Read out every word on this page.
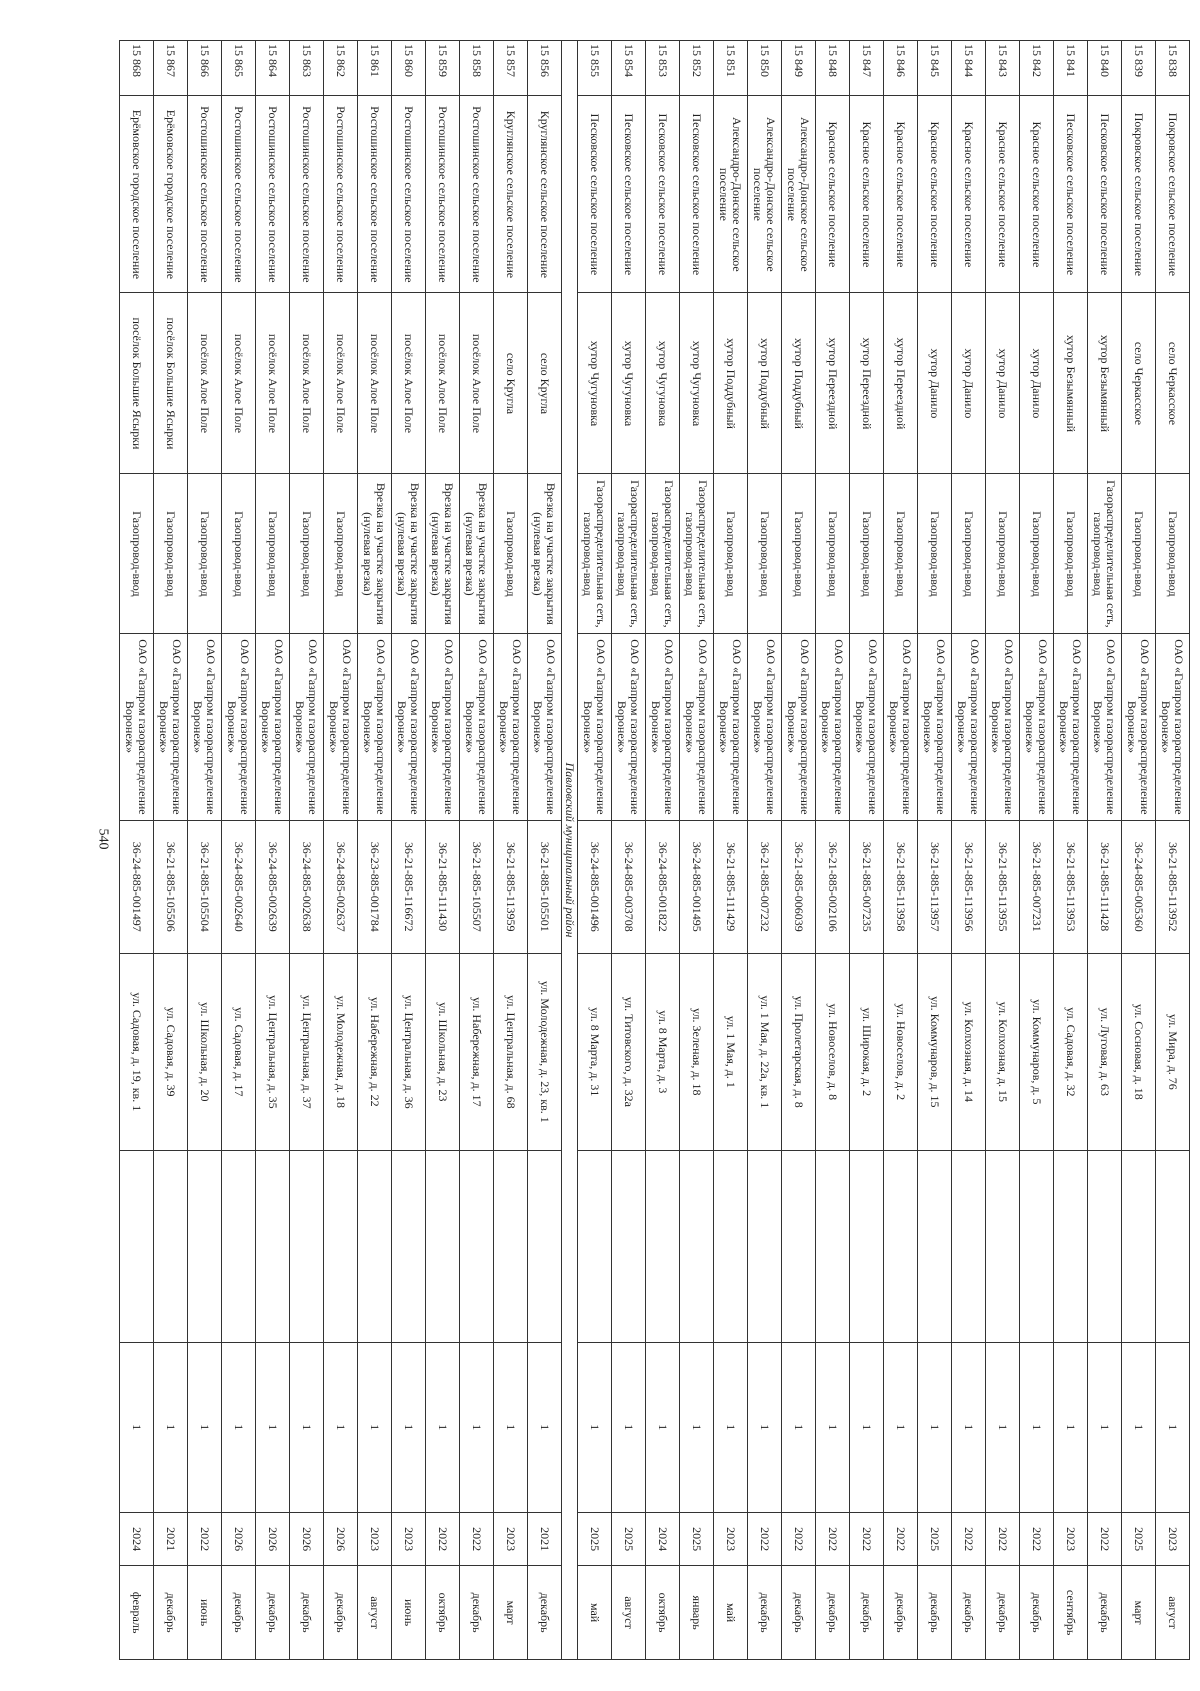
540
15 838	Покровское сельское поселение	село Черкасское	Газопровод-ввод	ОАО «Газпром газораспределение Воронеж»	36-21-885-113952	ул. Мира, д. 76		1	2023	август
15 839	Покровское сельское поселение	село Черкасское	Газопровод-ввод	ОАО «Газпром газораспределение Воронеж»	36-24-885-005360	ул. Сосновая, д. 18		1	2025	март
15 840	Песковское сельское поселение	хутор Безымянный	Газораспределительная сеть, газопровод-ввод	ОАО «Газпром газораспределение Воронеж»	36-21-885-111428	ул. Луговая, д. 63		1	2022	декабрь
15 841	Песковское сельское поселение	хутор Безымянный	Газопровод-ввод	ОАО «Газпром газораспределение Воронеж»	36-21-885-113953	ул. Садовая, д. 32		1	2023	сентябрь
15 842	Красное сельское поселение	хутор Данило	Газопровод-ввод	ОАО «Газпром газораспределение Воронеж»	36-21-885-007231	ул. Коммунаров, д. 5		1	2022	декабрь
15 843	Красное сельское поселение	хутор Данило	Газопровод-ввод	ОАО «Газпром газораспределение Воронеж»	36-21-885-113955	ул. Колхозная, д. 15		1	2022	декабрь
15 844	Красное сельское поселение	хутор Данило	Газопровод-ввод	ОАО «Газпром газораспределение Воронеж»	36-21-885-113956	ул. Колхозная, д. 14		1	2022	декабрь
15 845	Красное сельское поселение	хутор Данило	Газопровод-ввод	ОАО «Газпром газораспределение Воронеж»	36-21-885-113957	ул. Коммунаров, д. 15		1	2025	декабрь
15 846	Красное сельское поселение	хутор Переездной	Газопровод-ввод	ОАО «Газпром газораспределение Воронеж»	36-21-885-113958	ул. Новоселов, д. 2		1	2022	декабрь
15 847	Красное сельское поселение	хутор Переездной	Газопровод-ввод	ОАО «Газпром газораспределение Воронеж»	36-21-885-007235	ул. Широкая, д. 2		1	2022	декабрь
15 848	Красное сельское поселение	хутор Переездной	Газопровод-ввод	ОАО «Газпром газораспределение Воронеж»	36-21-885-002106	ул. Новоселов, д. 8		1	2022	декабрь
15 849	Александро-Донское сельское поселение	хутор Поддубный	Газопровод-ввод	ОАО «Газпром газораспределение Воронеж»	36-21-885-006039	ул. Пролетарская, д. 8		1	2022	декабрь
15 850	Александро-Донское сельское поселение	хутор Поддубный	Газопровод-ввод	ОАО «Газпром газораспределение Воронеж»	36-21-885-007232	ул. 1 Мая, д. 22а, кв. 1		1	2022	декабрь
15 851	Александро-Донское сельское поселение	хутор Поддубный	Газопровод-ввод	ОАО «Газпром газораспределение Воронеж»	36-21-885-111429	ул. 1 Мая, д. 1		1	2023	май
15 852	Песковское сельское поселение	хутор Чугуновка	Газораспределительная сеть, газопровод-ввод	ОАО «Газпром газораспределение Воронеж»	36-24-885-001495	ул. Зеленая, д. 18		1	2025	январь
15 853	Песковское сельское поселение	хутор Чугуновка	Газораспределительная сеть, газопровод-ввод	ОАО «Газпром газораспределение Воронеж»	36-24-885-001822	ул. 8 Марта, д. 3		1	2024	октябрь
15 854	Песковское сельское поселение	хутор Чугуновка	Газораспределительная сеть, газопровод-ввод	ОАО «Газпром газораспределение Воронеж»	36-24-885-003708	ул. Титовского, д. 32а		1	2025	август
15 855	Песковское сельское поселение	хутор Чугуновка	Газораспределительная сеть, газопровод-ввод	ОАО «Газпром газораспределение Воронеж»	36-24-885-001496	ул. 8 Марта, д. 31		1	2025	май
Павловский муниципальный район										
15 856	Круглянское сельское поселение	село Кругла	Врезка на участке закрытия (нулевая врезка)	ОАО «Газпром газораспределение Воронеж»	36-21-885-105501	ул. Молодежная, д. 23, кв. 1		1	2021	декабрь
15 857	Круглянское сельское поселение	село Кругла	Газопровод-ввод	ОАО «Газпром газораспределение Воронеж»	36-21-885-113959	ул. Центральная, д. 68		1	2023	март
15 858	Ростошинское сельское поселение	посёлок Алое Поле	Врезка на участке закрытия (нулевая врезка)	ОАО «Газпром газораспределение Воронеж»	36-21-885-105507	ул. Набережная, д. 17		1	2022	декабрь
15 859	Ростошинское сельское поселение	посёлок Алое Поле	Врезка на участке закрытия (нулевая врезка)	ОАО «Газпром газораспределение Воронеж»	36-21-885-111430	ул. Школьная, д. 23		1	2022	октябрь
15 860	Ростошинское сельское поселение	посёлок Алое Поле	Врезка на участке закрытия (нулевая врезка)	ОАО «Газпром газораспределение Воронеж»	36-21-885-116672	ул. Центральная, д. 36		1	2023	июнь
15 861	Ростошинское сельское поселение	посёлок Алое Поле	Врезка на участке закрытия (нулевая врезка)	ОАО «Газпром газораспределение Воронеж»	36-23-885-001784	ул. Набережная, д. 22		1	2023	август
15 862	Ростошинское сельское поселение	посёлок Алое Поле	Газопровод-ввод	ОАО «Газпром газораспределение Воронеж»	36-24-885-002637	ул. Молодежная, д. 18		1	2026	декабрь
15 863	Ростошинское сельское поселение	посёлок Алое Поле	Газопровод-ввод	ОАО «Газпром газораспределение Воронеж»	36-24-885-002638	ул. Центральная, д. 37		1	2026	декабрь
15 864	Ростошинское сельское поселение	посёлок Алое Поле	Газопровод-ввод	ОАО «Газпром газораспределение Воронеж»	36-24-885-002639	ул. Центральная, д. 35		1	2026	декабрь
15 865	Ростошинское сельское поселение	посёлок Алое Поле	Газопровод-ввод	ОАО «Газпром газораспределение Воронеж»	36-24-885-002640	ул. Садовая, д. 17		1	2026	декабрь
15 866	Ростошинское сельское поселение	посёлок Алое Поле	Газопровод-ввод	ОАО «Газпром газораспределение Воронеж»	36-21-885-105504	ул. Школьная, д. 20		1	2022	июнь
15 867	Ерёмовское городское поселение	посёлок Большие Ясырки	Газопровод-ввод	ОАО «Газпром газораспределение Воронеж»	36-21-885-105506	ул. Садовая, д. 39		1	2021	декабрь
15 868	Ерёмовское городское поселение	посёлок Большие Ясырки	Газопровод-ввод	ОАО «Газпром газораспределение Воронеж»	36-24-885-001497	ул. Садовая, д. 19, кв. 1		1	2024	февраль
